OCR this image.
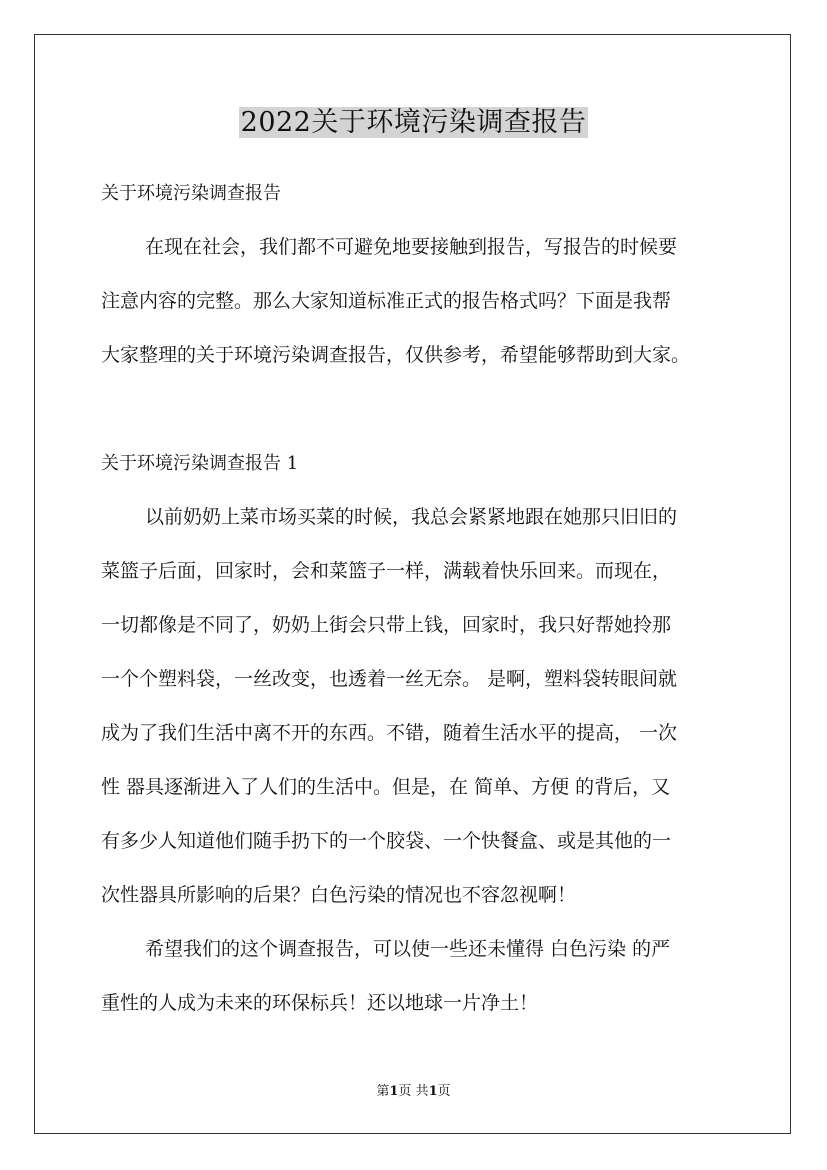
2022关于环境污染调查报告

关于环境污染调查报告

在现在社会，我们都不可避免地要接触到报告，写报告的时候要

注意内容的完整。那么大家知道标准正式的报告格式吗？下面是我帮

大家整理的关于环境污染调查报告，仅供参考，希望能够帮助到大家。

关于环境污染调查报告 1

以前奶奶上菜市场买菜的时候，我总会紧紧地跟在她那只旧旧的

菜篮子后面，回家时，会和菜篮子一样，满载着快乐回来。而现在，

一切都像是不同了，奶奶上街会只带上钱，回家时，我只好帮她拎那

一个个塑料袋，一丝改变，也透着一丝无奈。 是啊，塑料袋转眼间就

成为了我们生活中离不开的东西。不错，随着生活水平的提高， 一次

性 器具逐渐进入了人们的生活中。但是，在 简单、方便 的背后，又

有多少人知道他们随手扔下的一个胶袋、一个快餐盒、或是其他的一

次性器具所影响的后果？白色污染的情况也不容忽视啊！

希望我们的这个调查报告，可以使一些还未懂得 白色污染 的严

重性的人成为未来的环保标兵！还以地球一片净土！

第1页 共1页
